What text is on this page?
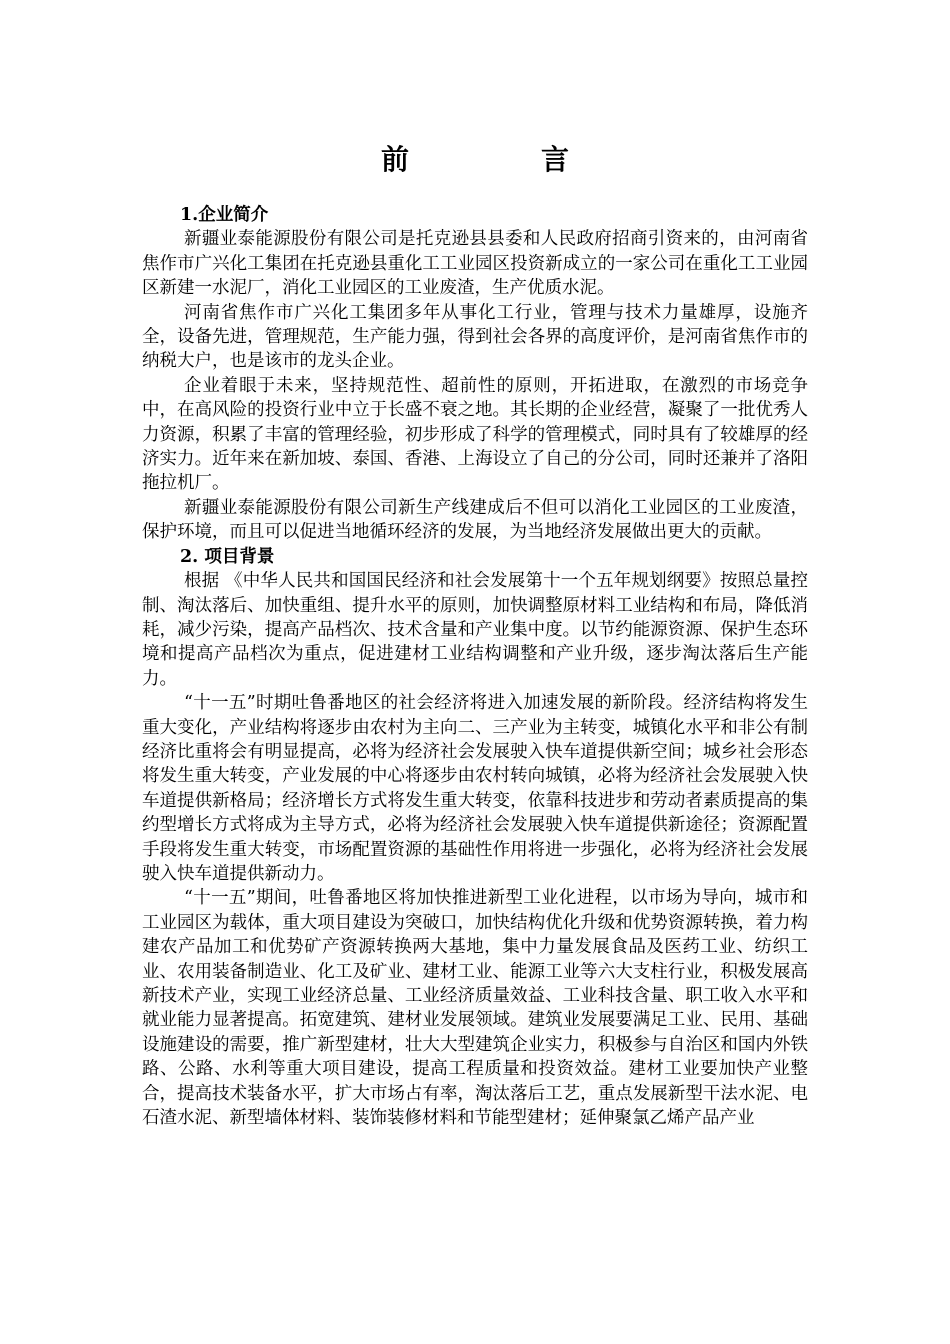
前　言

1.企业简介

新疆业泰能源股份有限公司是托克逊县县委和人民政府招商引资来的，由河南省焦作市广兴化工集团在托克逊县重化工工业园区投资新成立的一家公司在重化工工业园区新建一水泥厂，消化工业园区的工业废渣，生产优质水泥。

河南省焦作市广兴化工集团多年从事化工行业，管理与技术力量雄厚，设施齐全，设备先进，管理规范，生产能力强，得到社会各界的高度评价，是河南省焦作市的纳税大户，也是该市的龙头企业。

企业着眼于未来，坚持规范性、超前性的原则，开拓进取，在激烈的市场竞争中，在高风险的投资行业中立于长盛不衰之地。其长期的企业经营，凝聚了一批优秀人力资源，积累了丰富的管理经验，初步形成了科学的管理模式，同时具有了较雄厚的经济实力。近年来在新加坡、泰国、香港、上海设立了自己的分公司，同时还兼并了洛阳拖拉机厂。

新疆业泰能源股份有限公司新生产线建成后不但可以消化工业园区的工业废渣，保护环境，而且可以促进当地循环经济的发展，为当地经济发展做出更大的贡献。

2. 项目背景

根据 《中华人民共和国国民经济和社会发展第十一个五年规划纲要》按照总量控制、淘汰落后、加快重组、提升水平的原则，加快调整原材料工业结构和布局，降低消耗，减少污染，提高产品档次、技术含量和产业集中度。以节约能源资源、保护生态环境和提高产品档次为重点，促进建材工业结构调整和产业升级，逐步淘汰落后生产能力。

“十一五”时期吐鲁番地区的社会经济将进入加速发展的新阶段。经济结构将发生重大变化，产业结构将逐步由农村为主向二、三产业为主转变，城镇化水平和非公有制经济比重将会有明显提高，必将为经济社会发展驶入快车道提供新空间；城乡社会形态将发生重大转变，产业发展的中心将逐步由农村转向城镇，必将为经济社会发展驶入快车道提供新格局；经济增长方式将发生重大转变，依靠科技进步和劳动者素质提高的集约型增长方式将成为主导方式，必将为经济社会发展驶入快车道提供新途径；资源配置手段将发生重大转变，市场配置资源的基础性作用将进一步强化，必将为经济社会发展驶入快车道提供新动力。

“十一五”期间，吐鲁番地区将加快推进新型工业化进程，以市场为导向，城市和工业园区为载体，重大项目建设为突破口，加快结构优化升级和优势资源转换，着力构建农产品加工和优势矿产资源转换两大基地，集中力量发展食品及医药工业、纺织工业、农用装备制造业、化工及矿业、建材工业、能源工业等六大支柱行业，积极发展高新技术产业，实现工业经济总量、工业经济质量效益、工业科技含量、职工收入水平和就业能力显著提高。拓宽建筑、建材业发展领域。建筑业发展要满足工业、民用、基础设施建设的需要，推广新型建材，壮大大型建筑企业实力，积极参与自治区和国内外铁路、公路、水利等重大项目建设，提高工程质量和投资效益。建材工业要加快产业整合，提高技术装备水平，扩大市场占有率，淘汰落后工艺，重点发展新型干法水泥、电石渣水泥、新型墙体材料、装饰装修材料和节能型建材；延伸聚氯乙烯产品产业
